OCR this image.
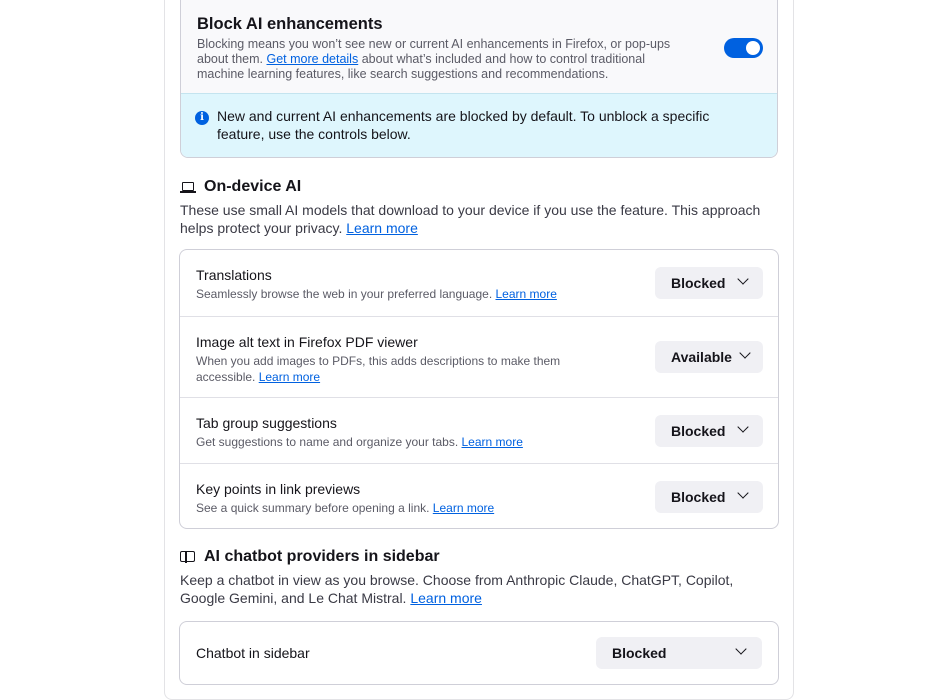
Block AI enhancements
Blocking means you won’t see new or current AI enhancements in Firefox, or pop-ups about them. Get more details about what’s included and how to control traditional machine learning features, like search suggestions and recommendations.
i New and current AI enhancements are blocked by default. To unblock a specific feature, use the controls below.
On-device AI
These use small AI models that download to your device if you use the feature. This approach helps protect your privacy. Learn more
Translations
Seamlessly browse the web in your preferred language. Learn more
Blocked
Image alt text in Firefox PDF viewer
When you add images to PDFs, this adds descriptions to make them accessible. Learn more
Available
Tab group suggestions
Get suggestions to name and organize your tabs. Learn more
Blocked
Key points in link previews
See a quick summary before opening a link. Learn more
Blocked
AI chatbot providers in sidebar
Keep a chatbot in view as you browse. Choose from Anthropic Claude, ChatGPT, Copilot, Google Gemini, and Le Chat Mistral. Learn more
Chatbot in sidebar	Blocked
